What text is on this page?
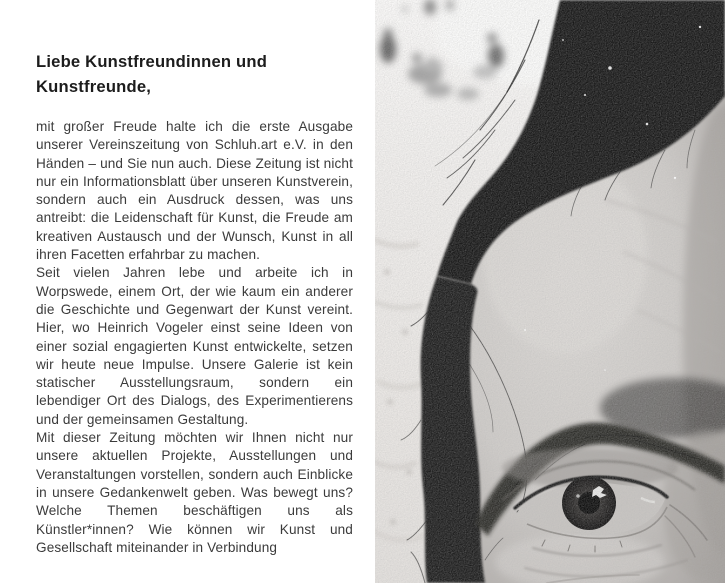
Liebe Kunstfreundinnen und Kunstfreunde,

mit großer Freude halte ich die erste Ausgabe unserer Vereinszeitung von Schluh.art e.V. in den Händen – und Sie nun auch. Diese Zeitung ist nicht nur ein Informationsblatt über unseren Kunstverein, sondern auch ein Ausdruck dessen, was uns antreibt: die Leidenschaft für Kunst, die Freude am kreativen Austausch und der Wunsch, Kunst in all ihren Facetten erfahrbar zu machen.

Seit vielen Jahren lebe und arbeite ich in Worpswede, einem Ort, der wie kaum ein anderer die Geschichte und Gegenwart der Kunst vereint. Hier, wo Heinrich Vogeler einst seine Ideen von einer sozial engagierten Kunst entwickelte, setzen wir heute neue Impulse. Unsere Galerie ist kein statischer Ausstellungsraum, sondern ein lebendiger Ort des Dialogs, des Experimentierens und der gemeinsamen Gestaltung.

Mit dieser Zeitung möchten wir Ihnen nicht nur unsere aktuellen Projekte, Ausstellungen und Veranstaltungen vorstellen, sondern auch Einblicke in unsere Gedankenwelt geben. Was bewegt uns? Welche Themen beschäftigen uns als Künstler*innen? Wie können wir Kunst und Gesellschaft miteinander in Verbindung
